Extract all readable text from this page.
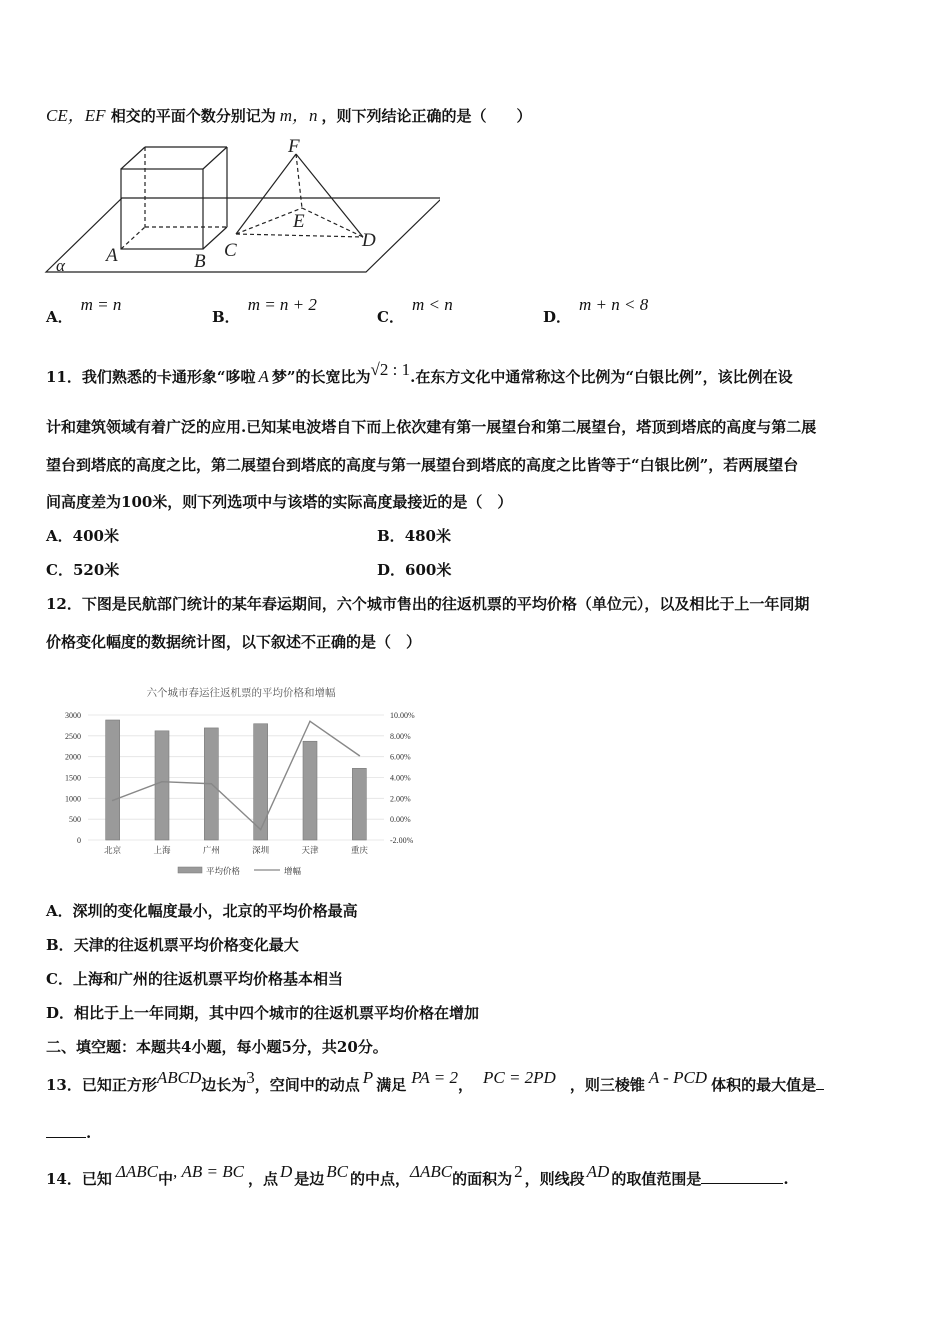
CE，EF 相交的平面个数分别记为 m，n ，则下列结论正确的是（　　）
F
E
C	D
A	B
α
A．m = n
B．m = n + 2
C．m < n
D．m + n < 8
11．我们熟悉的卡通形象“哆啦 A 梦”的长宽比为√2 : 1.在东方文化中通常称这个比例为“白银比例”，该比例在设
计和建筑领域有着广泛的应用.已知某电波塔自下而上依次建有第一展望台和第二展望台，塔顶到塔底的高度与第二展
望台到塔底的高度之比，第二展望台到塔底的高度与第一展望台到塔底的高度之比皆等于“白银比例”，若两展望台
间高度差为100米，则下列选项中与该塔的实际高度最接近的是（　）
A．400米	B．480米
C．520米	D．600米
12．下图是民航部门统计的某年春运期间，六个城市售出的往返机票的平均价格（单位元），以及相比于上一年同期
价格变化幅度的数据统计图，以下叙述不正确的是（　）
六个城市春运往返机票的平均价格和增幅
0
500
1000
1500
2000
2500
3000
-2.00%
0.00%
2.00%
4.00%
6.00%
8.00%
10.00%
北京	上海	广州	深圳	天津	重庆
平均价格	增幅
A．深圳的变化幅度最小，北京的平均价格最高
B．天津的往返机票平均价格变化最大
C．上海和广州的往返机票平均价格基本相当
D．相比于上一年同期，其中四个城市的往返机票平均价格在增加
二、填空题：本题共4小题，每小题5分，共20分。
13．已知正方形ABCD边长为3，空间中的动点 P 满足 PA = 2， PC = 2PD ，则三棱锥 A - PCD 体积的最大值是
.
14．已知 ΔABC中, AB = BC ，点 D 是边 BC 的中点，ΔABC的面积为 2 ，则线段 AD 的取值范围是	.
